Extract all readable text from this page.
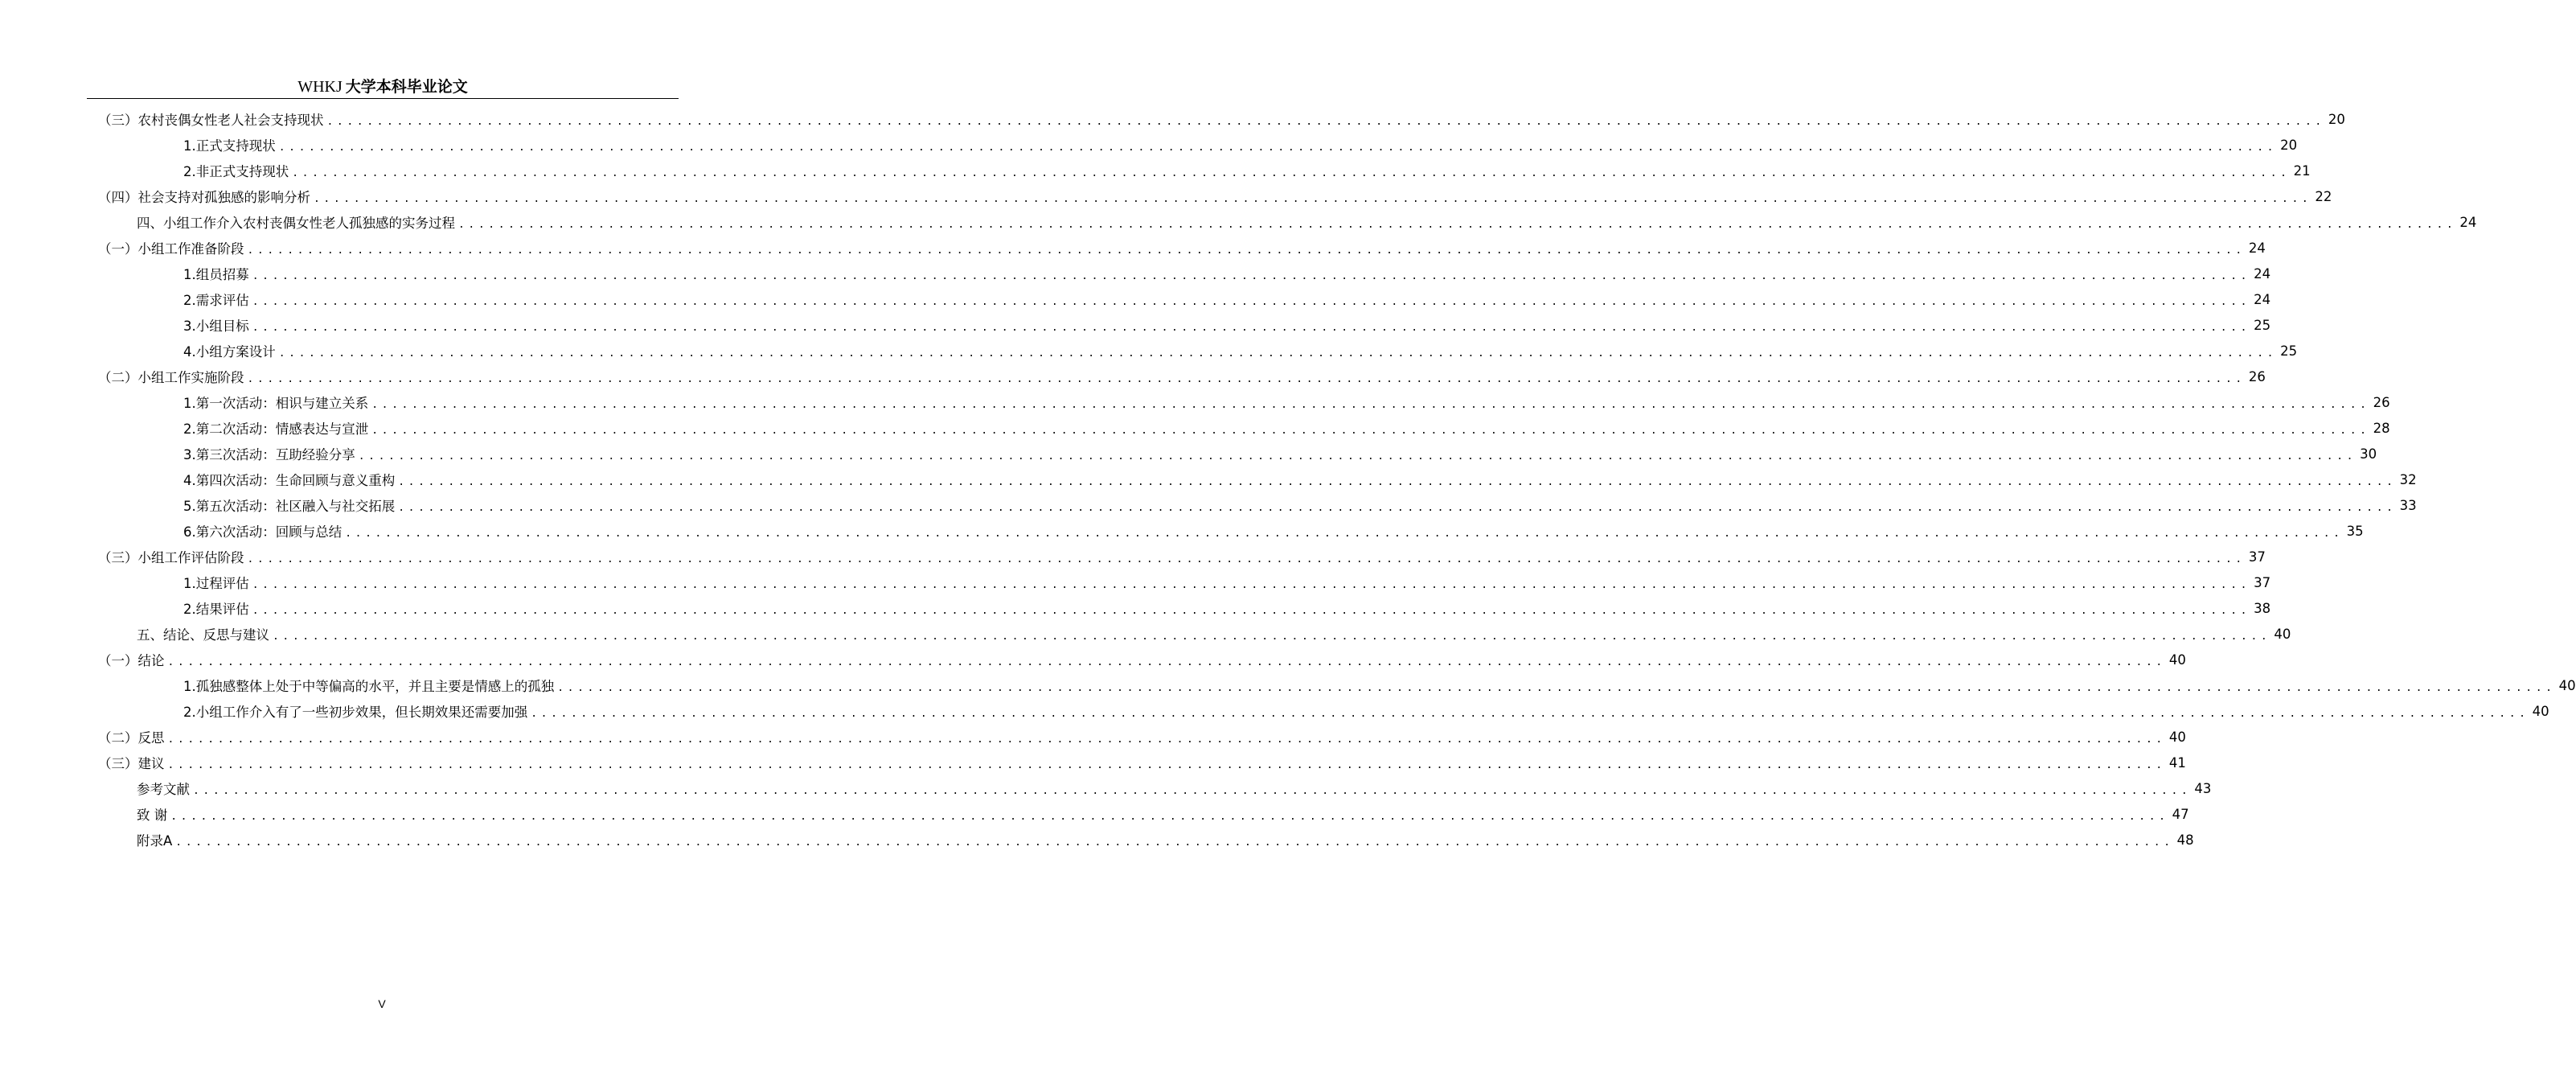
WHKJ 大学本科毕业论文
（三）农村丧偶女性老人社会支持现状 ........................................................................................................................................................................................................ 20
1.正式支持现状 ........................................................................................................................................................................................................ 20
2.非正式支持现状 ........................................................................................................................................................................................................ 21
（四）社会支持对孤独感的影响分析 ........................................................................................................................................................................................................ 22
四、小组工作介入农村丧偶女性老人孤独感的实务过程 ........................................................................................................................................................................................................ 24
（一）小组工作准备阶段 ........................................................................................................................................................................................................ 24
1.组员招募 ........................................................................................................................................................................................................ 24
2.需求评估 ........................................................................................................................................................................................................ 24
3.小组目标 ........................................................................................................................................................................................................ 25
4.小组方案设计 ........................................................................................................................................................................................................ 25
（二）小组工作实施阶段 ........................................................................................................................................................................................................ 26
1.第一次活动：相识与建立关系 ........................................................................................................................................................................................................ 26
2.第二次活动：情感表达与宣泄 ........................................................................................................................................................................................................ 28
3.第三次活动：互助经验分享 ........................................................................................................................................................................................................ 30
4.第四次活动：生命回顾与意义重构 ........................................................................................................................................................................................................ 32
5.第五次活动：社区融入与社交拓展 ........................................................................................................................................................................................................ 33
6.第六次活动：回顾与总结 ........................................................................................................................................................................................................ 35
（三）小组工作评估阶段 ........................................................................................................................................................................................................ 37
1.过程评估 ........................................................................................................................................................................................................ 37
2.结果评估 ........................................................................................................................................................................................................ 38
五、结论、反思与建议 ........................................................................................................................................................................................................ 40
（一）结论 ........................................................................................................................................................................................................ 40
1.孤独感整体上处于中等偏高的水平，并且主要是情感上的孤独 ........................................................................................................................................................................................................ 40
2.小组工作介入有了一些初步效果，但长期效果还需要加强 ........................................................................................................................................................................................................ 40
（二）反思 ........................................................................................................................................................................................................ 40
（三）建议 ........................................................................................................................................................................................................ 41
参考文献 ........................................................................................................................................................................................................ 43
致 谢 ........................................................................................................................................................................................................ 47
附录A ........................................................................................................................................................................................................ 48
V
